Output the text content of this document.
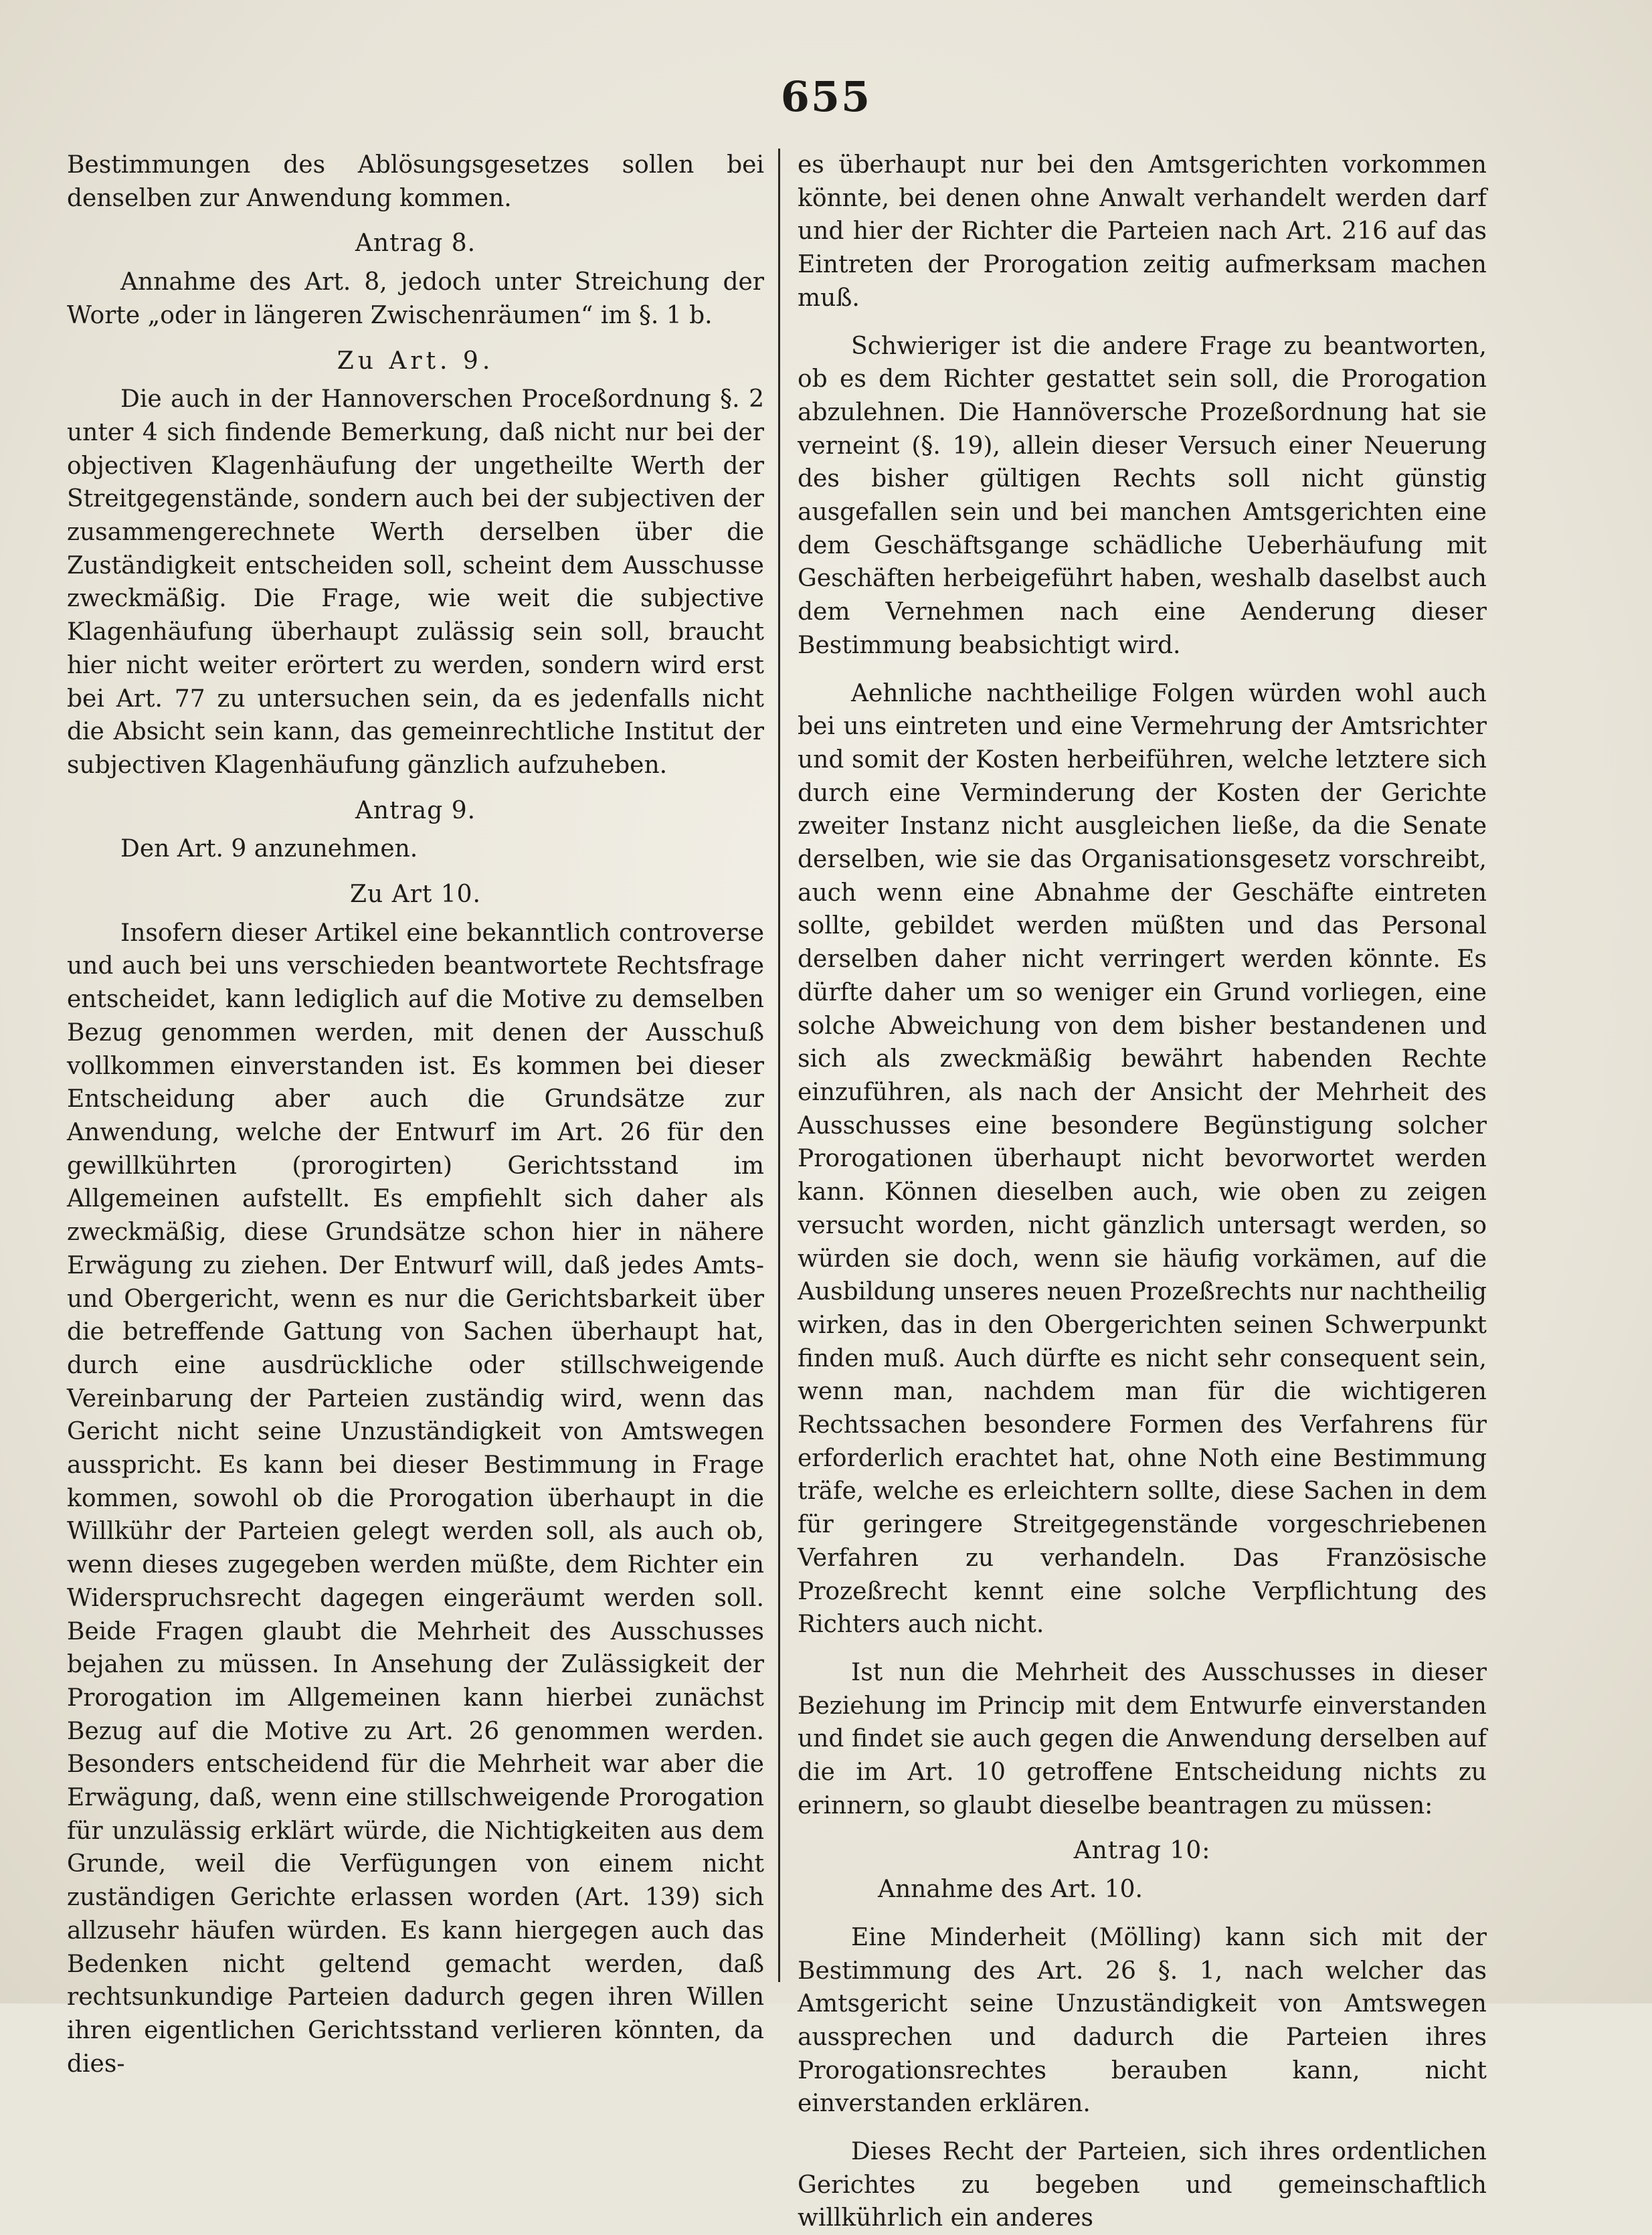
655

Bestimmungen des Ablösungsgesetzes sollen bei denselben zur Anwendung kommen.

Antrag 8.

Annahme des Art. 8, jedoch unter Streichung der Worte „oder in längeren Zwischenräumen“ im §. 1 b.

Zu Art. 9.

Die auch in der Hannoverschen Proceßordnung §. 2 unter 4 sich findende Bemerkung, daß nicht nur bei der objectiven Klagenhäufung der ungetheilte Werth der Streitgegenstände, sondern auch bei der subjectiven der zusammengerechnete Werth derselben über die Zuständigkeit entscheiden soll, scheint dem Ausschusse zweckmäßig. Die Frage, wie weit die subjective Klagenhäufung überhaupt zulässig sein soll, braucht hier nicht weiter erörtert zu werden, sondern wird erst bei Art. 77 zu untersuchen sein, da es jedenfalls nicht die Absicht sein kann, das gemeinrechtliche Institut der subjectiven Klagenhäufung gänzlich aufzuheben.

Antrag 9.

Den Art. 9 anzunehmen.

Zu Art 10.

Insofern dieser Artikel eine bekanntlich controverse und auch bei uns verschieden beantwortete Rechtsfrage entscheidet, kann lediglich auf die Motive zu demselben Bezug genommen werden, mit denen der Ausschuß vollkommen einverstanden ist. Es kommen bei dieser Entscheidung aber auch die Grundsätze zur Anwendung, welche der Entwurf im Art. 26 für den gewillkührten (prorogirten) Gerichtsstand im Allgemeinen aufstellt. Es empfiehlt sich daher als zweckmäßig, diese Grundsätze schon hier in nähere Erwägung zu ziehen. Der Entwurf will, daß jedes Amts- und Obergericht, wenn es nur die Gerichtsbarkeit über die betreffende Gattung von Sachen überhaupt hat, durch eine ausdrückliche oder stillschweigende Vereinbarung der Parteien zuständig wird, wenn das Gericht nicht seine Unzuständigkeit von Amtswegen ausspricht. Es kann bei dieser Bestimmung in Frage kommen, sowohl ob die Prorogation überhaupt in die Willkühr der Parteien gelegt werden soll, als auch ob, wenn dieses zugegeben werden müßte, dem Richter ein Widerspruchsrecht dagegen eingeräumt werden soll. Beide Fragen glaubt die Mehrheit des Ausschusses bejahen zu müssen. In Ansehung der Zulässigkeit der Prorogation im Allgemeinen kann hierbei zunächst Bezug auf die Motive zu Art. 26 genommen werden. Besonders entscheidend für die Mehrheit war aber die Erwägung, daß, wenn eine stillschweigende Prorogation für unzulässig erklärt würde, die Nichtigkeiten aus dem Grunde, weil die Verfügungen von einem nicht zuständigen Gerichte erlassen worden (Art. 139) sich allzusehr häufen würden. Es kann hiergegen auch das Bedenken nicht geltend gemacht werden, daß rechtsunkundige Parteien dadurch gegen ihren Willen ihren eigentlichen Gerichtsstand verlieren könnten, da dies-

es überhaupt nur bei den Amtsgerichten vorkommen könnte, bei denen ohne Anwalt verhandelt werden darf und hier der Richter die Parteien nach Art. 216 auf das Eintreten der Prorogation zeitig aufmerksam machen muß.

Schwieriger ist die andere Frage zu beantworten, ob es dem Richter gestattet sein soll, die Prorogation abzulehnen. Die Hannöversche Prozeßordnung hat sie verneint (§. 19), allein dieser Versuch einer Neuerung des bisher gültigen Rechts soll nicht günstig ausgefallen sein und bei manchen Amtsgerichten eine dem Geschäftsgange schädliche Ueberhäufung mit Geschäften herbeigeführt haben, weshalb daselbst auch dem Vernehmen nach eine Aenderung dieser Bestimmung beabsichtigt wird.

Aehnliche nachtheilige Folgen würden wohl auch bei uns eintreten und eine Vermehrung der Amtsrichter und somit der Kosten herbeiführen, welche letztere sich durch eine Verminderung der Kosten der Gerichte zweiter Instanz nicht ausgleichen ließe, da die Senate derselben, wie sie das Organisationsgesetz vorschreibt, auch wenn eine Abnahme der Geschäfte eintreten sollte, gebildet werden müßten und das Personal derselben daher nicht verringert werden könnte. Es dürfte daher um so weniger ein Grund vorliegen, eine solche Abweichung von dem bisher bestandenen und sich als zweckmäßig bewährt habenden Rechte einzuführen, als nach der Ansicht der Mehrheit des Ausschusses eine besondere Begünstigung solcher Prorogationen überhaupt nicht bevorwortet werden kann. Können dieselben auch, wie oben zu zeigen versucht worden, nicht gänzlich untersagt werden, so würden sie doch, wenn sie häufig vorkämen, auf die Ausbildung unseres neuen Prozeßrechts nur nachtheilig wirken, das in den Obergerichten seinen Schwerpunkt finden muß. Auch dürfte es nicht sehr consequent sein, wenn man, nachdem man für die wichtigeren Rechtssachen besondere Formen des Verfahrens für erforderlich erachtet hat, ohne Noth eine Bestimmung träfe, welche es erleichtern sollte, diese Sachen in dem für geringere Streitgegenstände vorgeschriebenen Verfahren zu verhandeln. Das Französische Prozeßrecht kennt eine solche Verpflichtung des Richters auch nicht.

Ist nun die Mehrheit des Ausschusses in dieser Beziehung im Princip mit dem Entwurfe einverstanden und findet sie auch gegen die Anwendung derselben auf die im Art. 10 getroffene Entscheidung nichts zu erinnern, so glaubt dieselbe beantragen zu müssen:

Antrag 10:

Annahme des Art. 10.

Eine Minderheit (Mölling) kann sich mit der Bestimmung des Art. 26 §. 1, nach welcher das Amtsgericht seine Unzuständigkeit von Amtswegen aussprechen und dadurch die Parteien ihres Prorogationsrechtes berauben kann, nicht einverstanden erklären.

Dieses Recht der Parteien, sich ihres ordentlichen Gerichtes zu begeben und gemeinschaftlich willkührlich ein anderes
